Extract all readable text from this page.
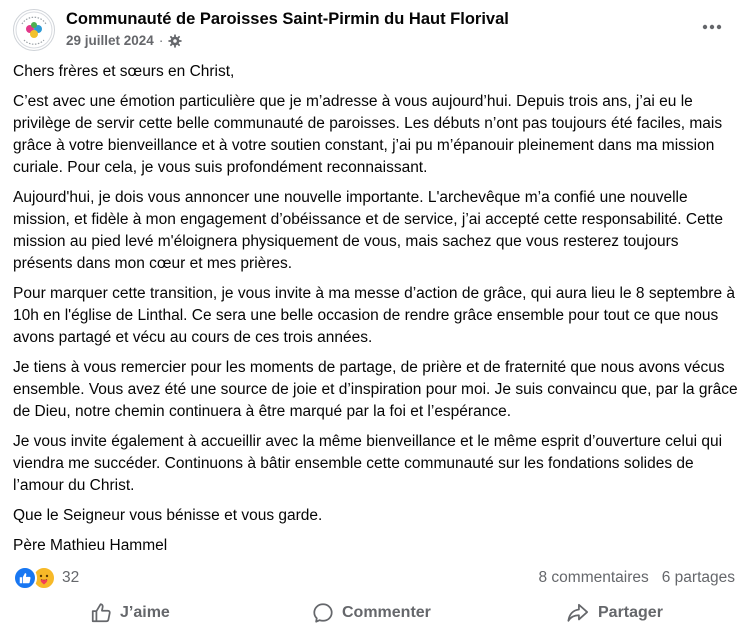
Communauté de Paroisses Saint-Pirmin du Haut Florival
29 juillet 2024 ·

Chers frères et sœurs en Christ,

C’est avec une émotion particulière que je m’adresse à vous aujourd’hui. Depuis trois ans, j’ai eu le privilège de servir cette belle communauté de paroisses. Les débuts n’ont pas toujours été faciles, mais grâce à votre bienveillance et à votre soutien constant, j’ai pu m’épanouir pleinement dans ma mission curiale. Pour cela, je vous suis profondément reconnaissant.

Aujourd'hui, je dois vous annoncer une nouvelle importante. L'archevêque m’a confié une nouvelle mission, et fidèle à mon engagement d’obéissance et de service, j’ai accepté cette responsabilité. Cette mission au pied levé m'éloignera physiquement de vous, mais sachez que vous resterez toujours présents dans mon cœur et mes prières.

Pour marquer cette transition, je vous invite à ma messe d’action de grâce, qui aura lieu le 8 septembre à 10h en l'église de Linthal. Ce sera une belle occasion de rendre grâce ensemble pour tout ce que nous avons partagé et vécu au cours de ces trois années.

Je tiens à vous remercier pour les moments de partage, de prière et de fraternité que nous avons vécus ensemble. Vous avez été une source de joie et d’inspiration pour moi. Je suis convaincu que, par la grâce de Dieu, notre chemin continuera à être marqué par la foi et l’espérance.

Je vous invite également à accueillir avec la même bienveillance et le même esprit d’ouverture celui qui viendra me succéder. Continuons à bâtir ensemble cette communauté sur les fondations solides de l’amour du Christ.

Que le Seigneur vous bénisse et vous garde.

Père Mathieu Hammel

32	8 commentaires 6 partages
J’aime	Commenter	Partager
